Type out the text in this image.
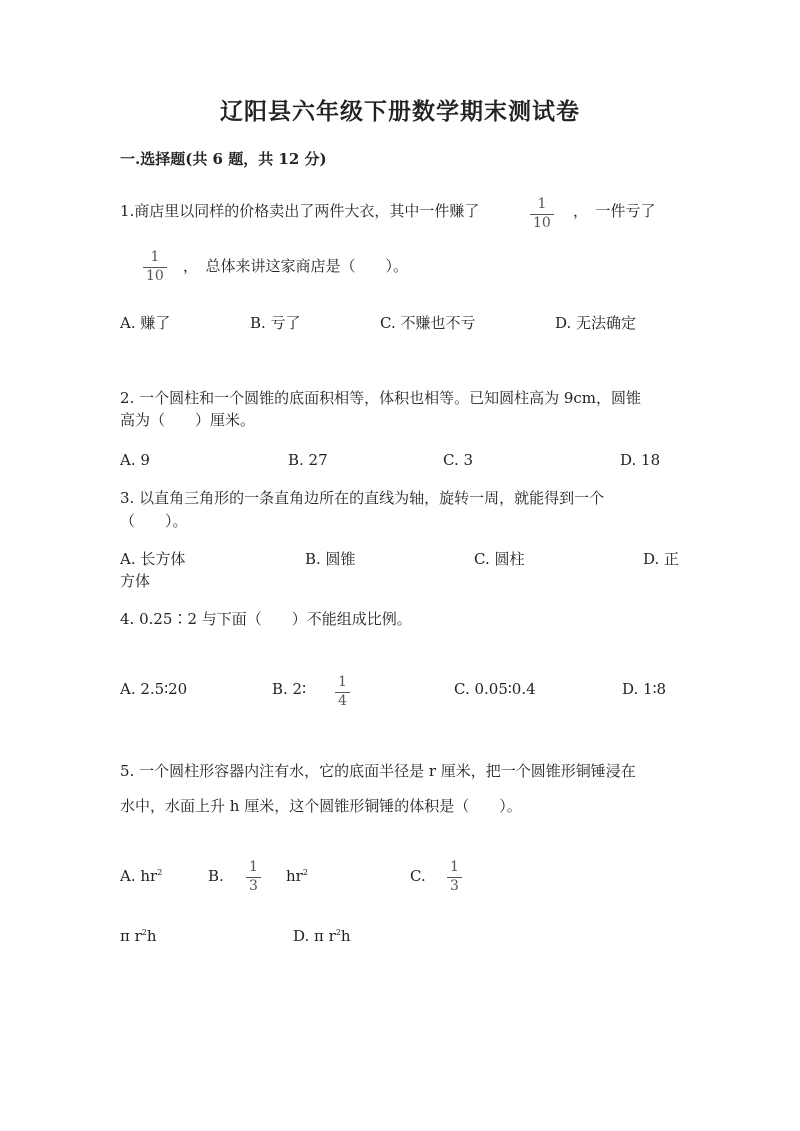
辽阳县六年级下册数学期末测试卷
一.选择题(共 6 题，共 12 分)
1.商店里以同样的价格卖出了两件大衣，其中一件赚了	1
10
，　一件亏了
1
10
，　总体来讲这家商店是（　　）。
A. 赚了	B. 亏了	C. 不赚也不亏	D. 无法确定
2. 一个圆柱和一个圆锥的底面积相等，体积也相等。已知圆柱高为 9cm，圆锥
高为（　　）厘米。
A. 9	B. 27	C. 3	D. 18
3. 以直角三角形的一条直角边所在的直线为轴，旋转一周，就能得到一个
（　　）。
A. 长方体	B. 圆锥	C. 圆柱	D. 正
方体
4. 0.25∶2 与下面（　　）不能组成比例。
A. 2.5∶20	B. 2∶ 1
4
C. 0.05∶0.4	D. 1∶8
5. 一个圆柱形容器内注有水，它的底面半径是 r 厘米，把一个圆锥形铜锤浸在
水中，水面上升 h 厘米，这个圆锥形铜锤的体积是（　　）。
A. $hr^2$	B. 1
3
$hr^2$	C. 1
3
π $r^2h$	D. π $r^2h$
